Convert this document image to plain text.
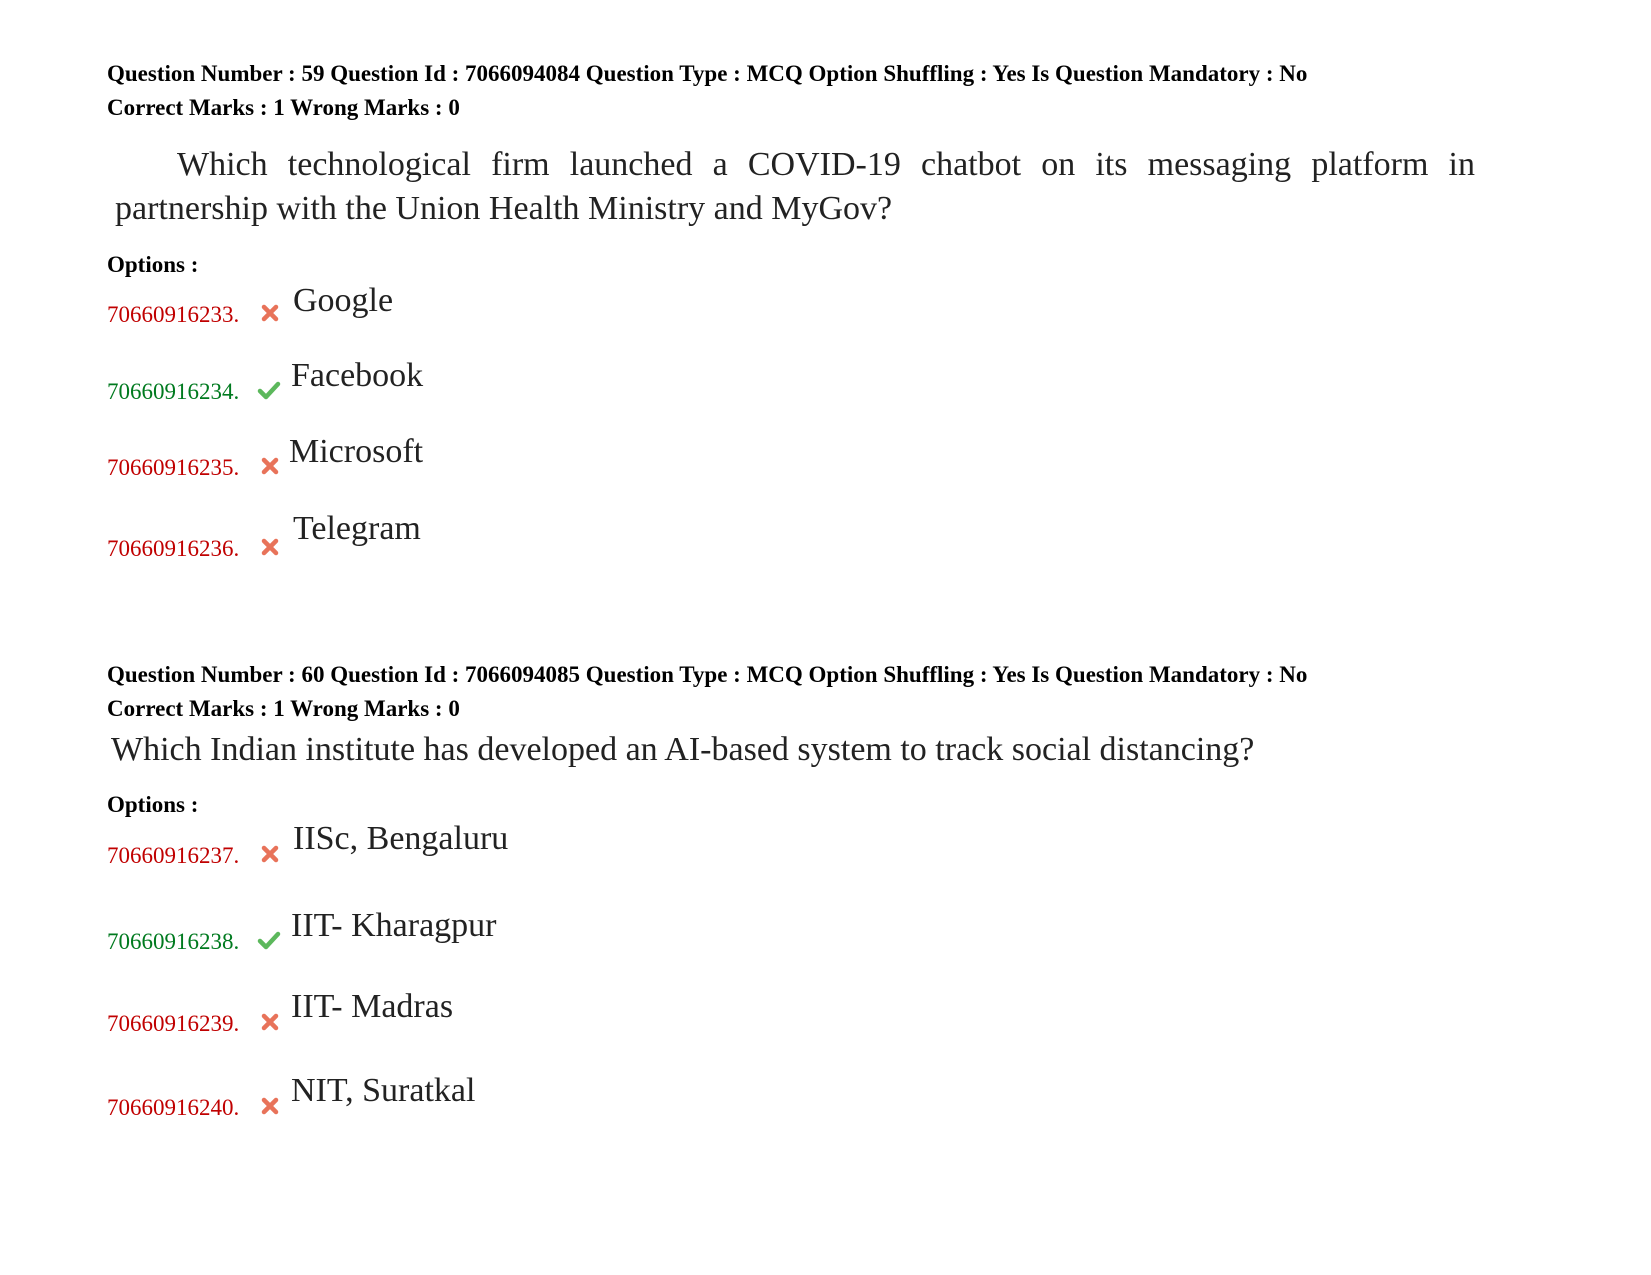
Question Number : 59 Question Id : 7066094084 Question Type : MCQ Option Shuffling : Yes Is Question Mandatory : No
Correct Marks : 1 Wrong Marks : 0
Which technological firm launched a COVID-19 chatbot on its messaging platform in partnership with the Union Health Ministry and MyGov?
Options :
70660916233. Google
70660916234. Facebook
70660916235. Microsoft
70660916236.
Telegram
Question Number : 60 Question Id : 7066094085 Question Type : MCQ Option Shuffling : Yes Is Question Mandatory : No
Correct Marks : 1 Wrong Marks : 0
Which Indian institute has developed an AI-based system to track social distancing?
Options :
70660916237. IISc, Bengaluru
70660916238. IIT- Kharagpur
70660916239. IIT- Madras
70660916240. NIT, Suratkal
